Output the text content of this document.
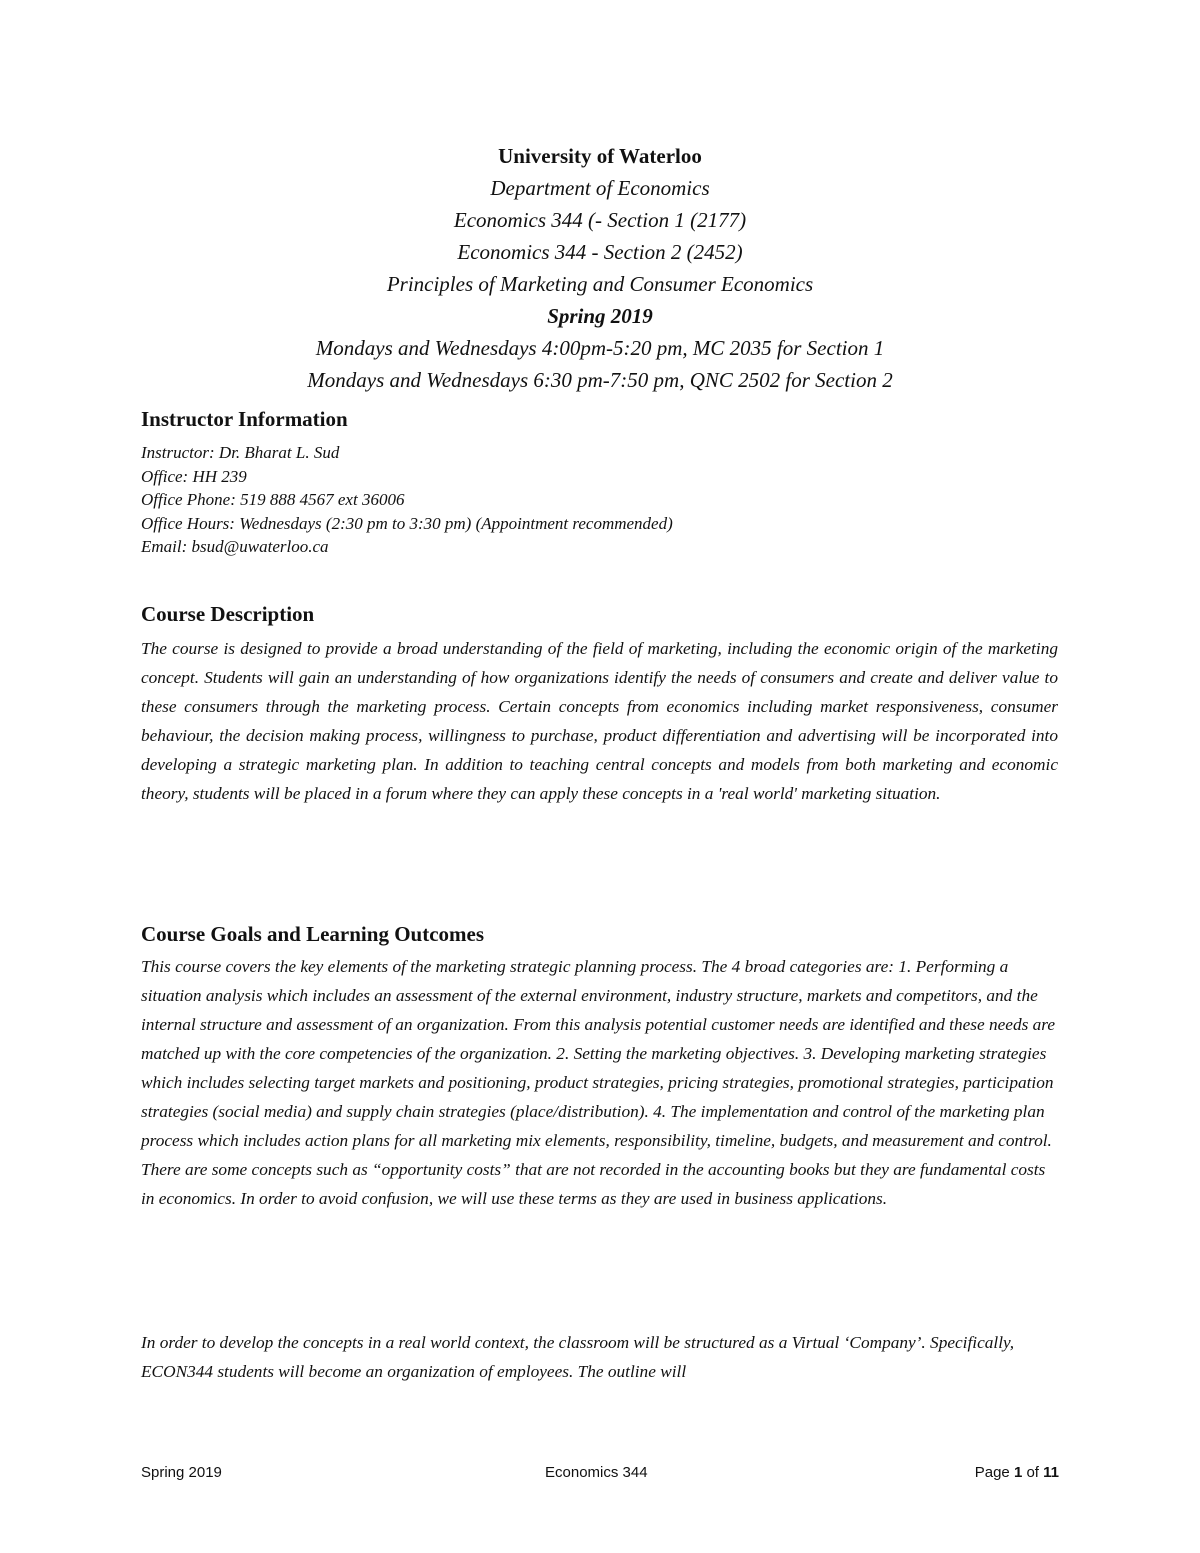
University of Waterloo
Department of Economics
Economics 344 (- Section 1 (2177)
Economics 344 - Section 2 (2452)
Principles of Marketing and Consumer Economics
Spring 2019
Mondays and Wednesdays 4:00pm-5:20 pm, MC 2035 for Section 1
Mondays and Wednesdays 6:30 pm-7:50 pm, QNC 2502 for Section 2
Instructor Information
Instructor: Dr. Bharat L. Sud
Office: HH 239
Office Phone: 519 888 4567 ext 36006
Office Hours: Wednesdays (2:30 pm to 3:30 pm) (Appointment recommended)
Email: bsud@uwaterloo.ca
Course Description
The course is designed to provide a broad understanding of the field of marketing, including the economic origin of the marketing concept. Students will gain an understanding of how organizations identify the needs of consumers and create and deliver value to these consumers through the marketing process. Certain concepts from economics including market responsiveness, consumer behaviour, the decision making process, willingness to purchase, product differentiation and advertising will be incorporated into developing a strategic marketing plan. In addition to teaching central concepts and models from both marketing and economic theory, students will be placed in a forum where they can apply these concepts in a 'real world' marketing situation.
Course Goals and Learning Outcomes
This course covers the key elements of the marketing strategic planning process. The 4 broad categories are: 1. Performing a situation analysis which includes an assessment of the external environment, industry structure, markets and competitors, and the internal structure and assessment of an organization. From this analysis potential customer needs are identified and these needs are matched up with the core competencies of the organization. 2. Setting the marketing objectives. 3. Developing marketing strategies which includes selecting target markets and positioning, product strategies, pricing strategies, promotional strategies, participation strategies (social media) and supply chain strategies (place/distribution). 4. The implementation and control of the marketing plan process which includes action plans for all marketing mix elements, responsibility, timeline, budgets, and measurement and control. There are some concepts such as “opportunity costs” that are not recorded in the accounting books but they are fundamental costs in economics. In order to avoid confusion, we will use these terms as they are used in business applications.
In order to develop the concepts in a real world context, the classroom will be structured as a Virtual ‘Company’. Specifically, ECON344 students will become an organization of employees. The outline will
Spring 2019	Economics 344	Page 1 of 11
